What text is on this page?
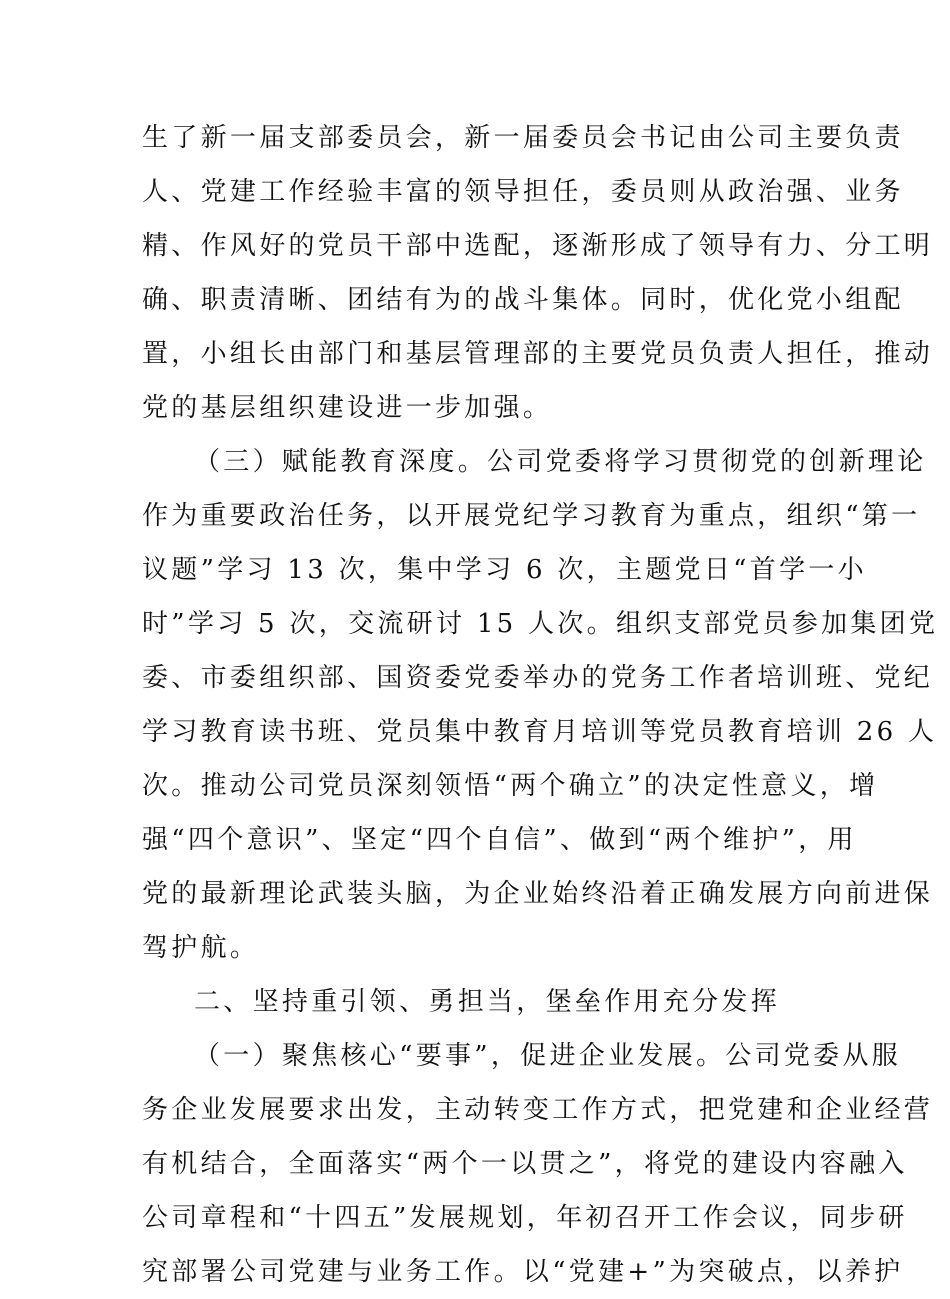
生了新一届支部委员会，新一届委员会书记由公司主要负责
人、党建工作经验丰富的领导担任，委员则从政治强、业务
精、作风好的党员干部中选配，逐渐形成了领导有力、分工明
确、职责清晰、团结有为的战斗集体。同时，优化党小组配
置，小组长由部门和基层管理部的主要党员负责人担任，推动
党的基层组织建设进一步加强。
（三）赋能教育深度。公司党委将学习贯彻党的创新理论
作为重要政治任务，以开展党纪学习教育为重点，组织“第一
议题”学习 13 次，集中学习 6 次，主题党日“首学一小
时”学习 5 次，交流研讨 15 人次。组织支部党员参加集团党
委、市委组织部、国资委党委举办的党务工作者培训班、党纪
学习教育读书班、党员集中教育月培训等党员教育培训 26 人
次。推动公司党员深刻领悟“两个确立”的决定性意义，增
强“四个意识”、坚定“四个自信”、做到“两个维护”，用
党的最新理论武装头脑，为企业始终沿着正确发展方向前进保
驾护航。
二、坚持重引领、勇担当，堡垒作用充分发挥
（一）聚焦核心“要事”，促进企业发展。公司党委从服
务企业发展要求出发，主动转变工作方式，把党建和企业经营
有机结合，全面落实“两个一以贯之”，将党的建设内容融入
公司章程和“十四五”发展规划，年初召开工作会议，同步研
究部署公司党建与业务工作。以“党建+”为突破点，以养护
